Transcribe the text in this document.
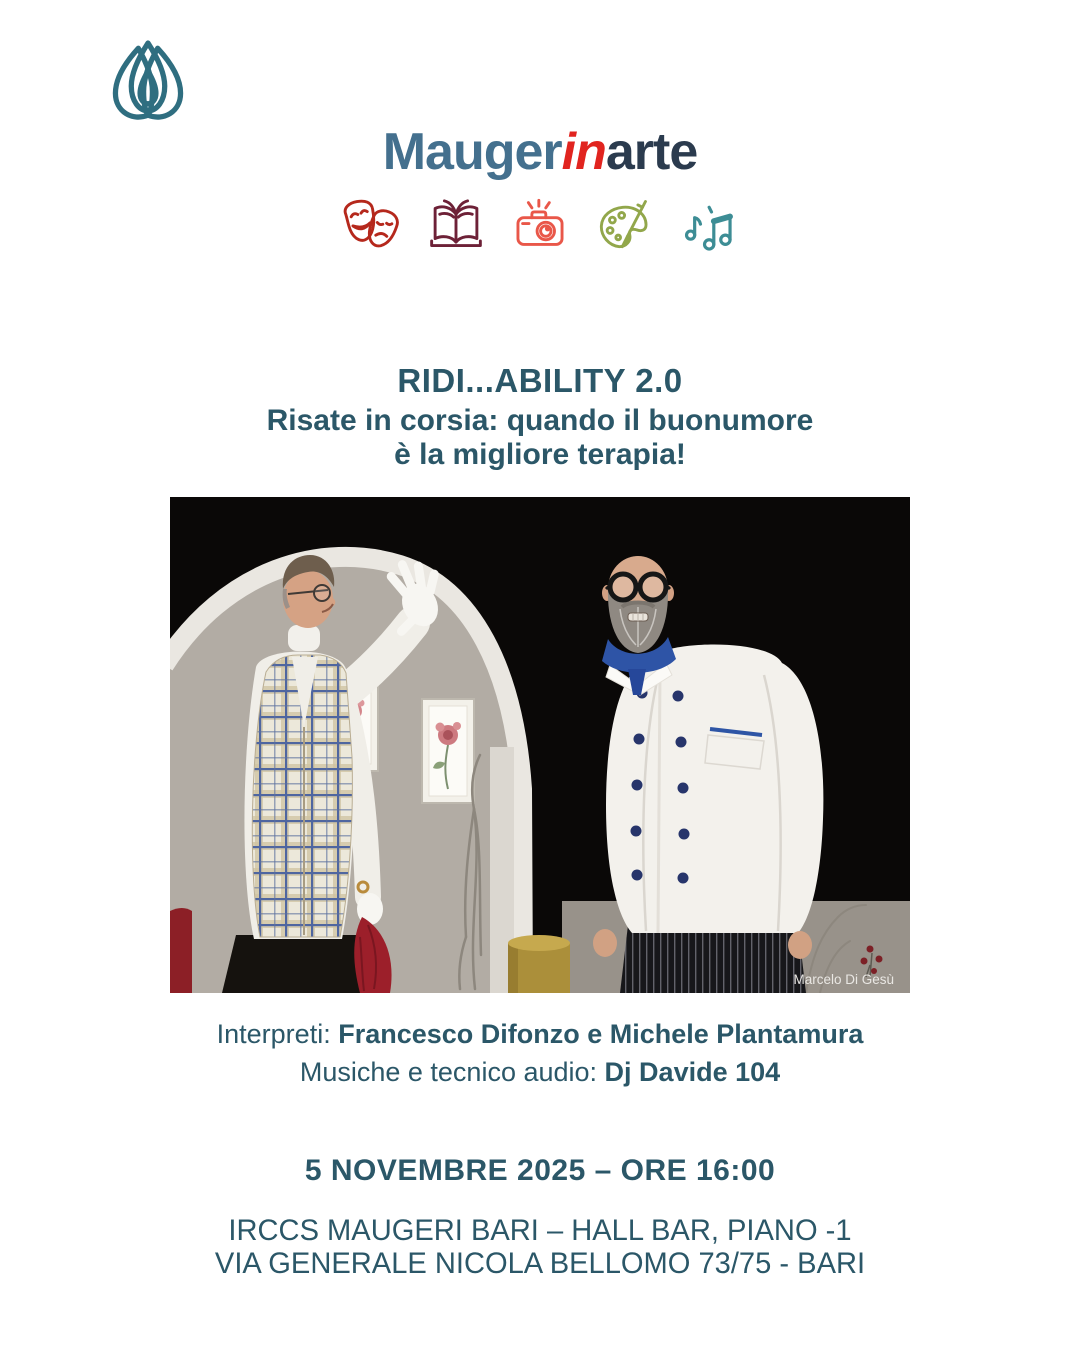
Maugerinarte
RIDI...ABILITY 2.0
Risate in corsia: quando il buonumore
è la migliore terapia!
Marcelo Di Gesù
Interpreti: Francesco Difonzo e Michele Plantamura
Musiche e tecnico audio: Dj Davide 104

5 NOVEMBRE 2025 – ORE 16:00

IRCCS MAUGERI BARI – HALL BAR, PIANO -1
VIA GENERALE NICOLA BELLOMO 73/75 - BARI
